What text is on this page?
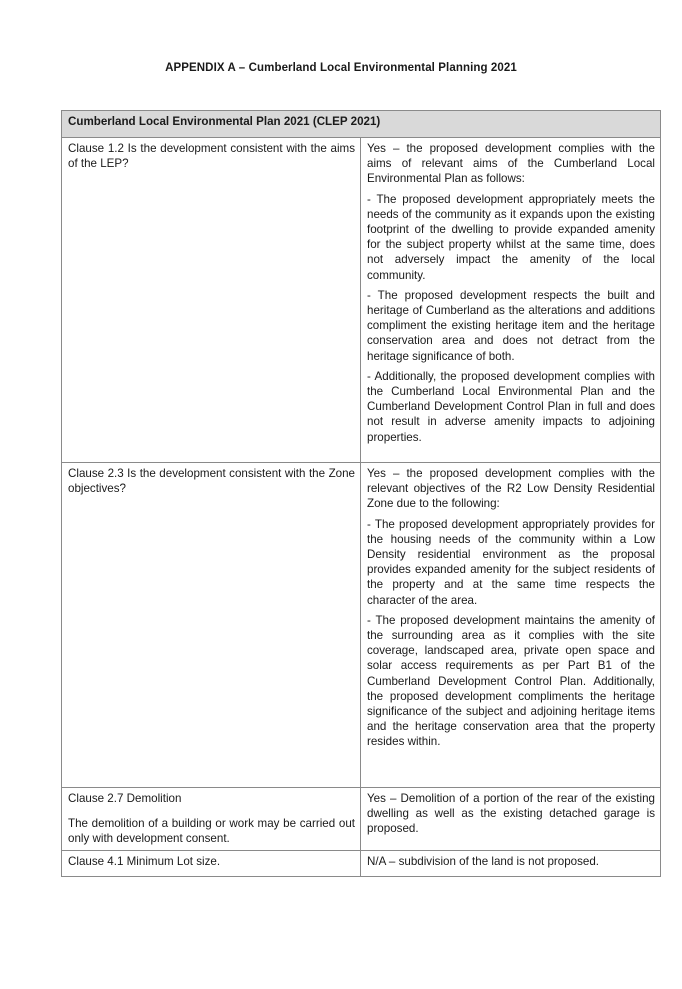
APPENDIX A – Cumberland Local Environmental Planning 2021
Cumberland Local Environmental Plan 2021 (CLEP 2021)	

Clause 1.2 Is the development consistent with the aims of the LEP?	Yes – the proposed development complies with the aims of relevant aims of the Cumberland Local Environmental Plan as follows:

- The proposed development appropriately meets the needs of the community as it expands upon the existing footprint of the dwelling to provide expanded amenity for the subject property whilst at the same time, does not adversely impact the amenity of the local community.

- The proposed development respects the built and heritage of Cumberland as the alterations and additions compliment the existing heritage item and the heritage conservation area and does not detract from the heritage significance of both.

- Additionally, the proposed development complies with the Cumberland Local Environmental Plan and the Cumberland Development Control Plan in full and does not result in adverse amenity impacts to adjoining properties.

Clause 2.3 Is the development consistent with the Zone objectives?	Yes – the proposed development complies with the relevant objectives of the R2 Low Density Residential Zone due to the following:

- The proposed development appropriately provides for the housing needs of the community within a Low Density residential environment as the proposal provides expanded amenity for the subject residents of the property and at the same time respects the character of the area.

- The proposed development maintains the amenity of the surrounding area as it complies with the site coverage, landscaped area, private open space and solar access requirements as per Part B1 of the Cumberland Development Control Plan. Additionally, the proposed development compliments the heritage significance of the subject and adjoining heritage items and the heritage conservation area that the property resides within.

Clause 2.7 Demolition

The demolition of a building or work may be carried out only with development consent.	Yes – Demolition of a portion of the rear of the existing dwelling as well as the existing detached garage is proposed.

Clause 4.1 Minimum Lot size.	N/A – subdivision of the land is not proposed.
